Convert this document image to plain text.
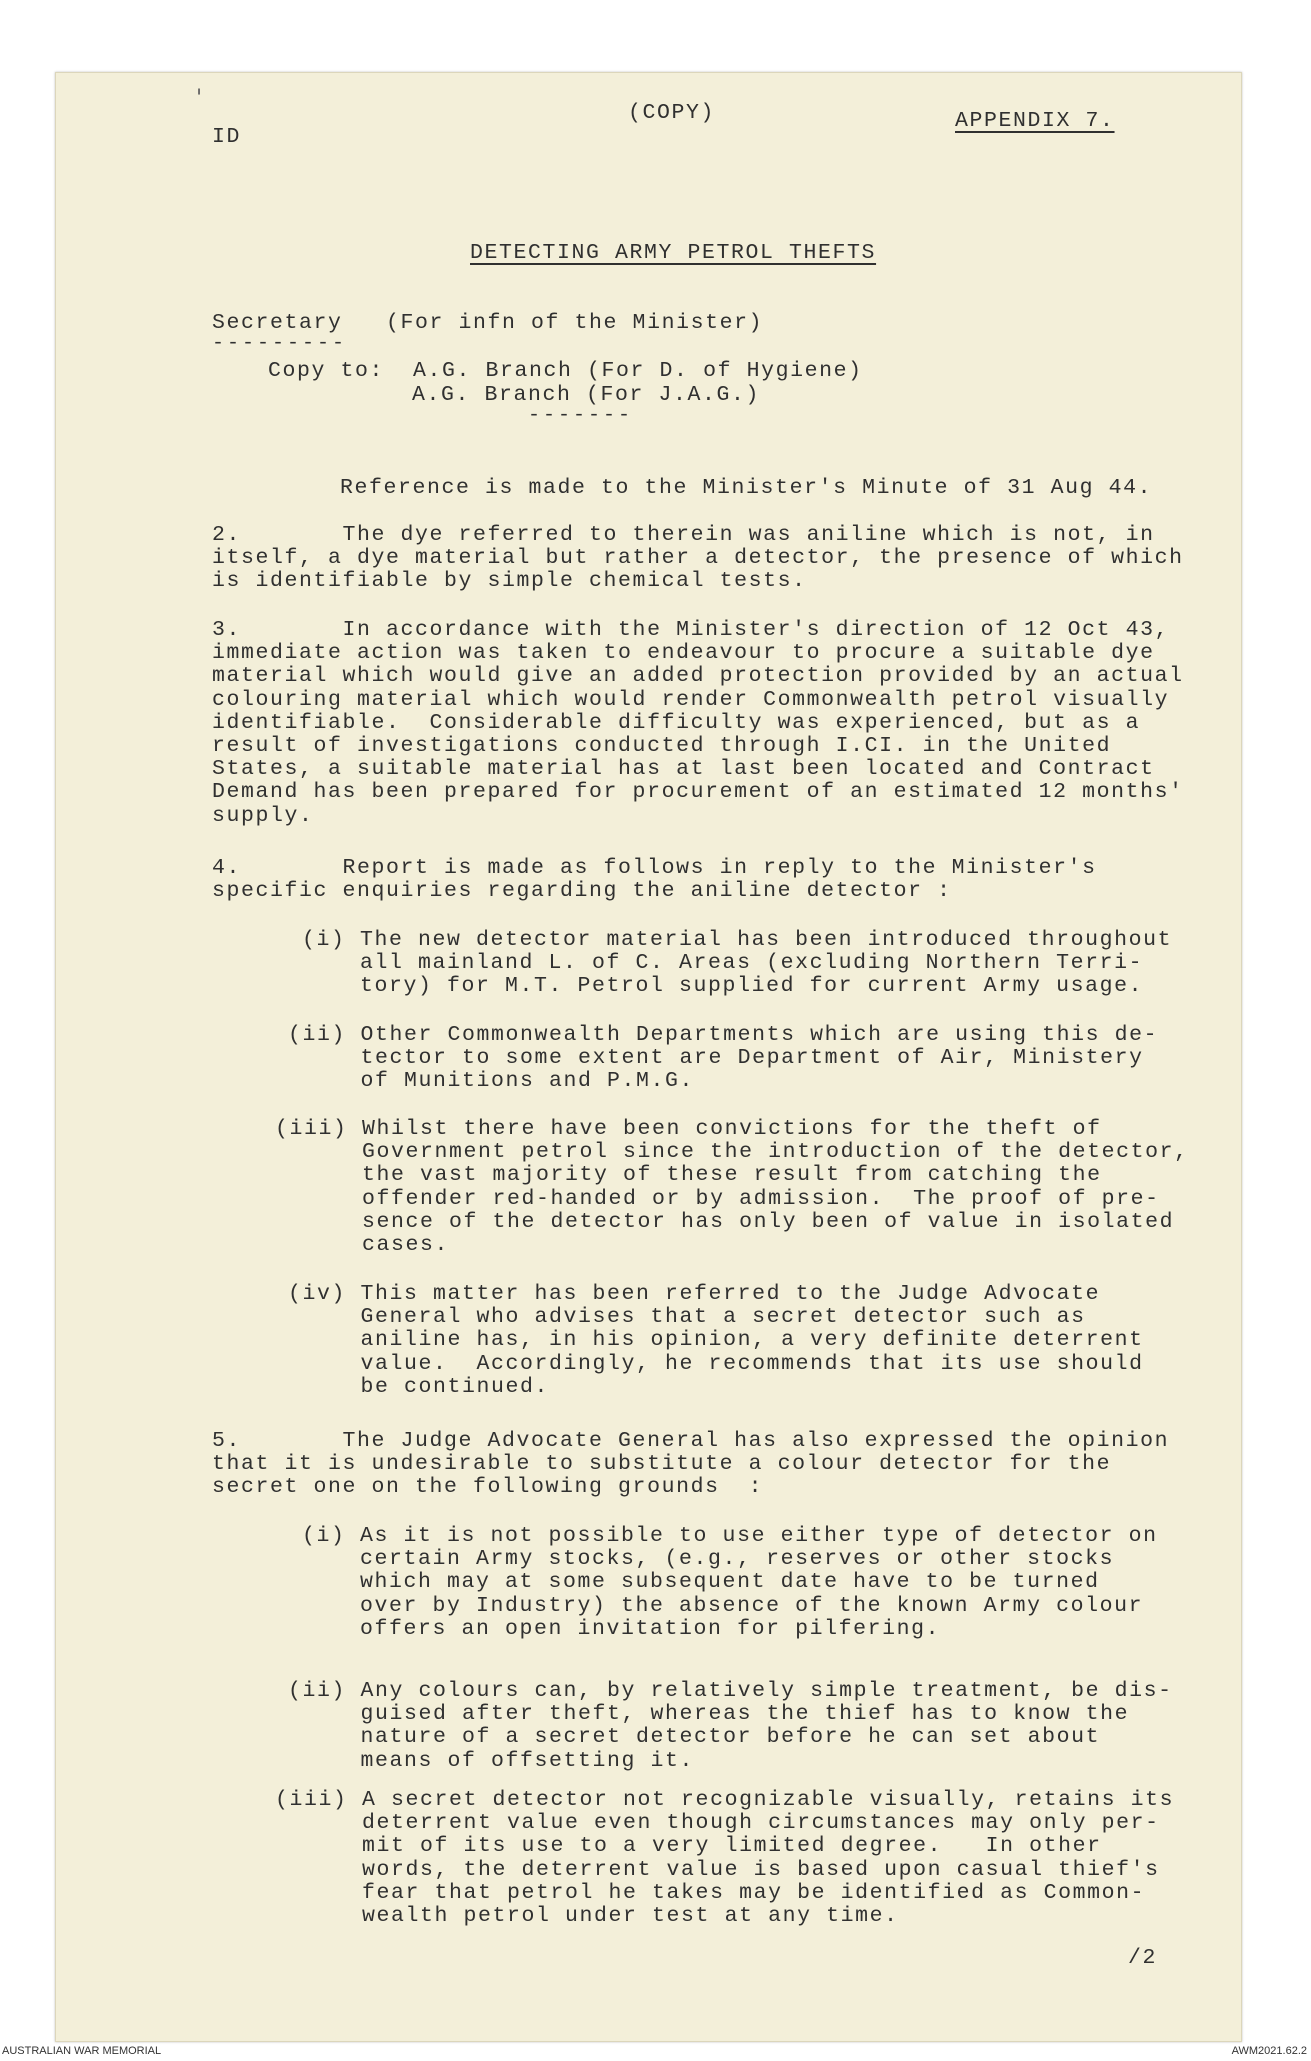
'
ID
(COPY)	APPENDIX 7.
DETECTING ARMY PETROL THEFTS
Secretary   (For infn of the Minister)
---------
Copy to:  A.G. Branch (For D. of Hygiene)
A.G. Branch (For J.A.G.)
-------
Reference is made to the Minister's Minute of 31 Aug 44.
2.       The dye referred to therein was aniline which is not, in
itself, a dye material but rather a detector, the presence of which
is identifiable by simple chemical tests.
3.       In accordance with the Minister's direction of 12 Oct 43,
immediate action was taken to endeavour to procure a suitable dye
material which would give an added protection provided by an actual
colouring material which would render Commonwealth petrol visually
identifiable.  Considerable difficulty was experienced, but as a
result of investigations conducted through I.CI. in the United
States, a suitable material has at last been located and Contract
Demand has been prepared for procurement of an estimated 12 months'
supply.
4.       Report is made as follows in reply to the Minister's
specific enquiries regarding the aniline detector :
(i) The new detector material has been introduced throughout
all mainland L. of C. Areas (excluding Northern Terri-
tory) for M.T. Petrol supplied for current Army usage.
(ii) Other Commonwealth Departments which are using this de-
tector to some extent are Department of Air, Ministery
of Munitions and P.M.G.
(iii) Whilst there have been convictions for the theft of
Government petrol since the introduction of the detector,
the vast majority of these result from catching the
offender red-handed or by admission.  The proof of pre-
sence of the detector has only been of value in isolated
cases.
(iv) This matter has been referred to the Judge Advocate
General who advises that a secret detector such as
aniline has, in his opinion, a very definite deterrent
value.  Accordingly, he recommends that its use should
be continued.
5.       The Judge Advocate General has also expressed the opinion
that it is undesirable to substitute a colour detector for the
secret one on the following grounds  :
(i) As it is not possible to use either type of detector on
certain Army stocks, (e.g., reserves or other stocks
which may at some subsequent date have to be turned
over by Industry) the absence of the known Army colour
offers an open invitation for pilfering.
(ii) Any colours can, by relatively simple treatment, be dis-
guised after theft, whereas the thief has to know the
nature of a secret detector before he can set about
means of offsetting it.
(iii) A secret detector not recognizable visually, retains its
deterrent value even though circumstances may only per-
mit of its use to a very limited degree.   In other
words, the deterrent value is based upon casual thief's
fear that petrol he takes may be identified as Common-
wealth petrol under test at any time.
/2
AUSTRALIAN WAR MEMORIAL	AWM2021.62.2
